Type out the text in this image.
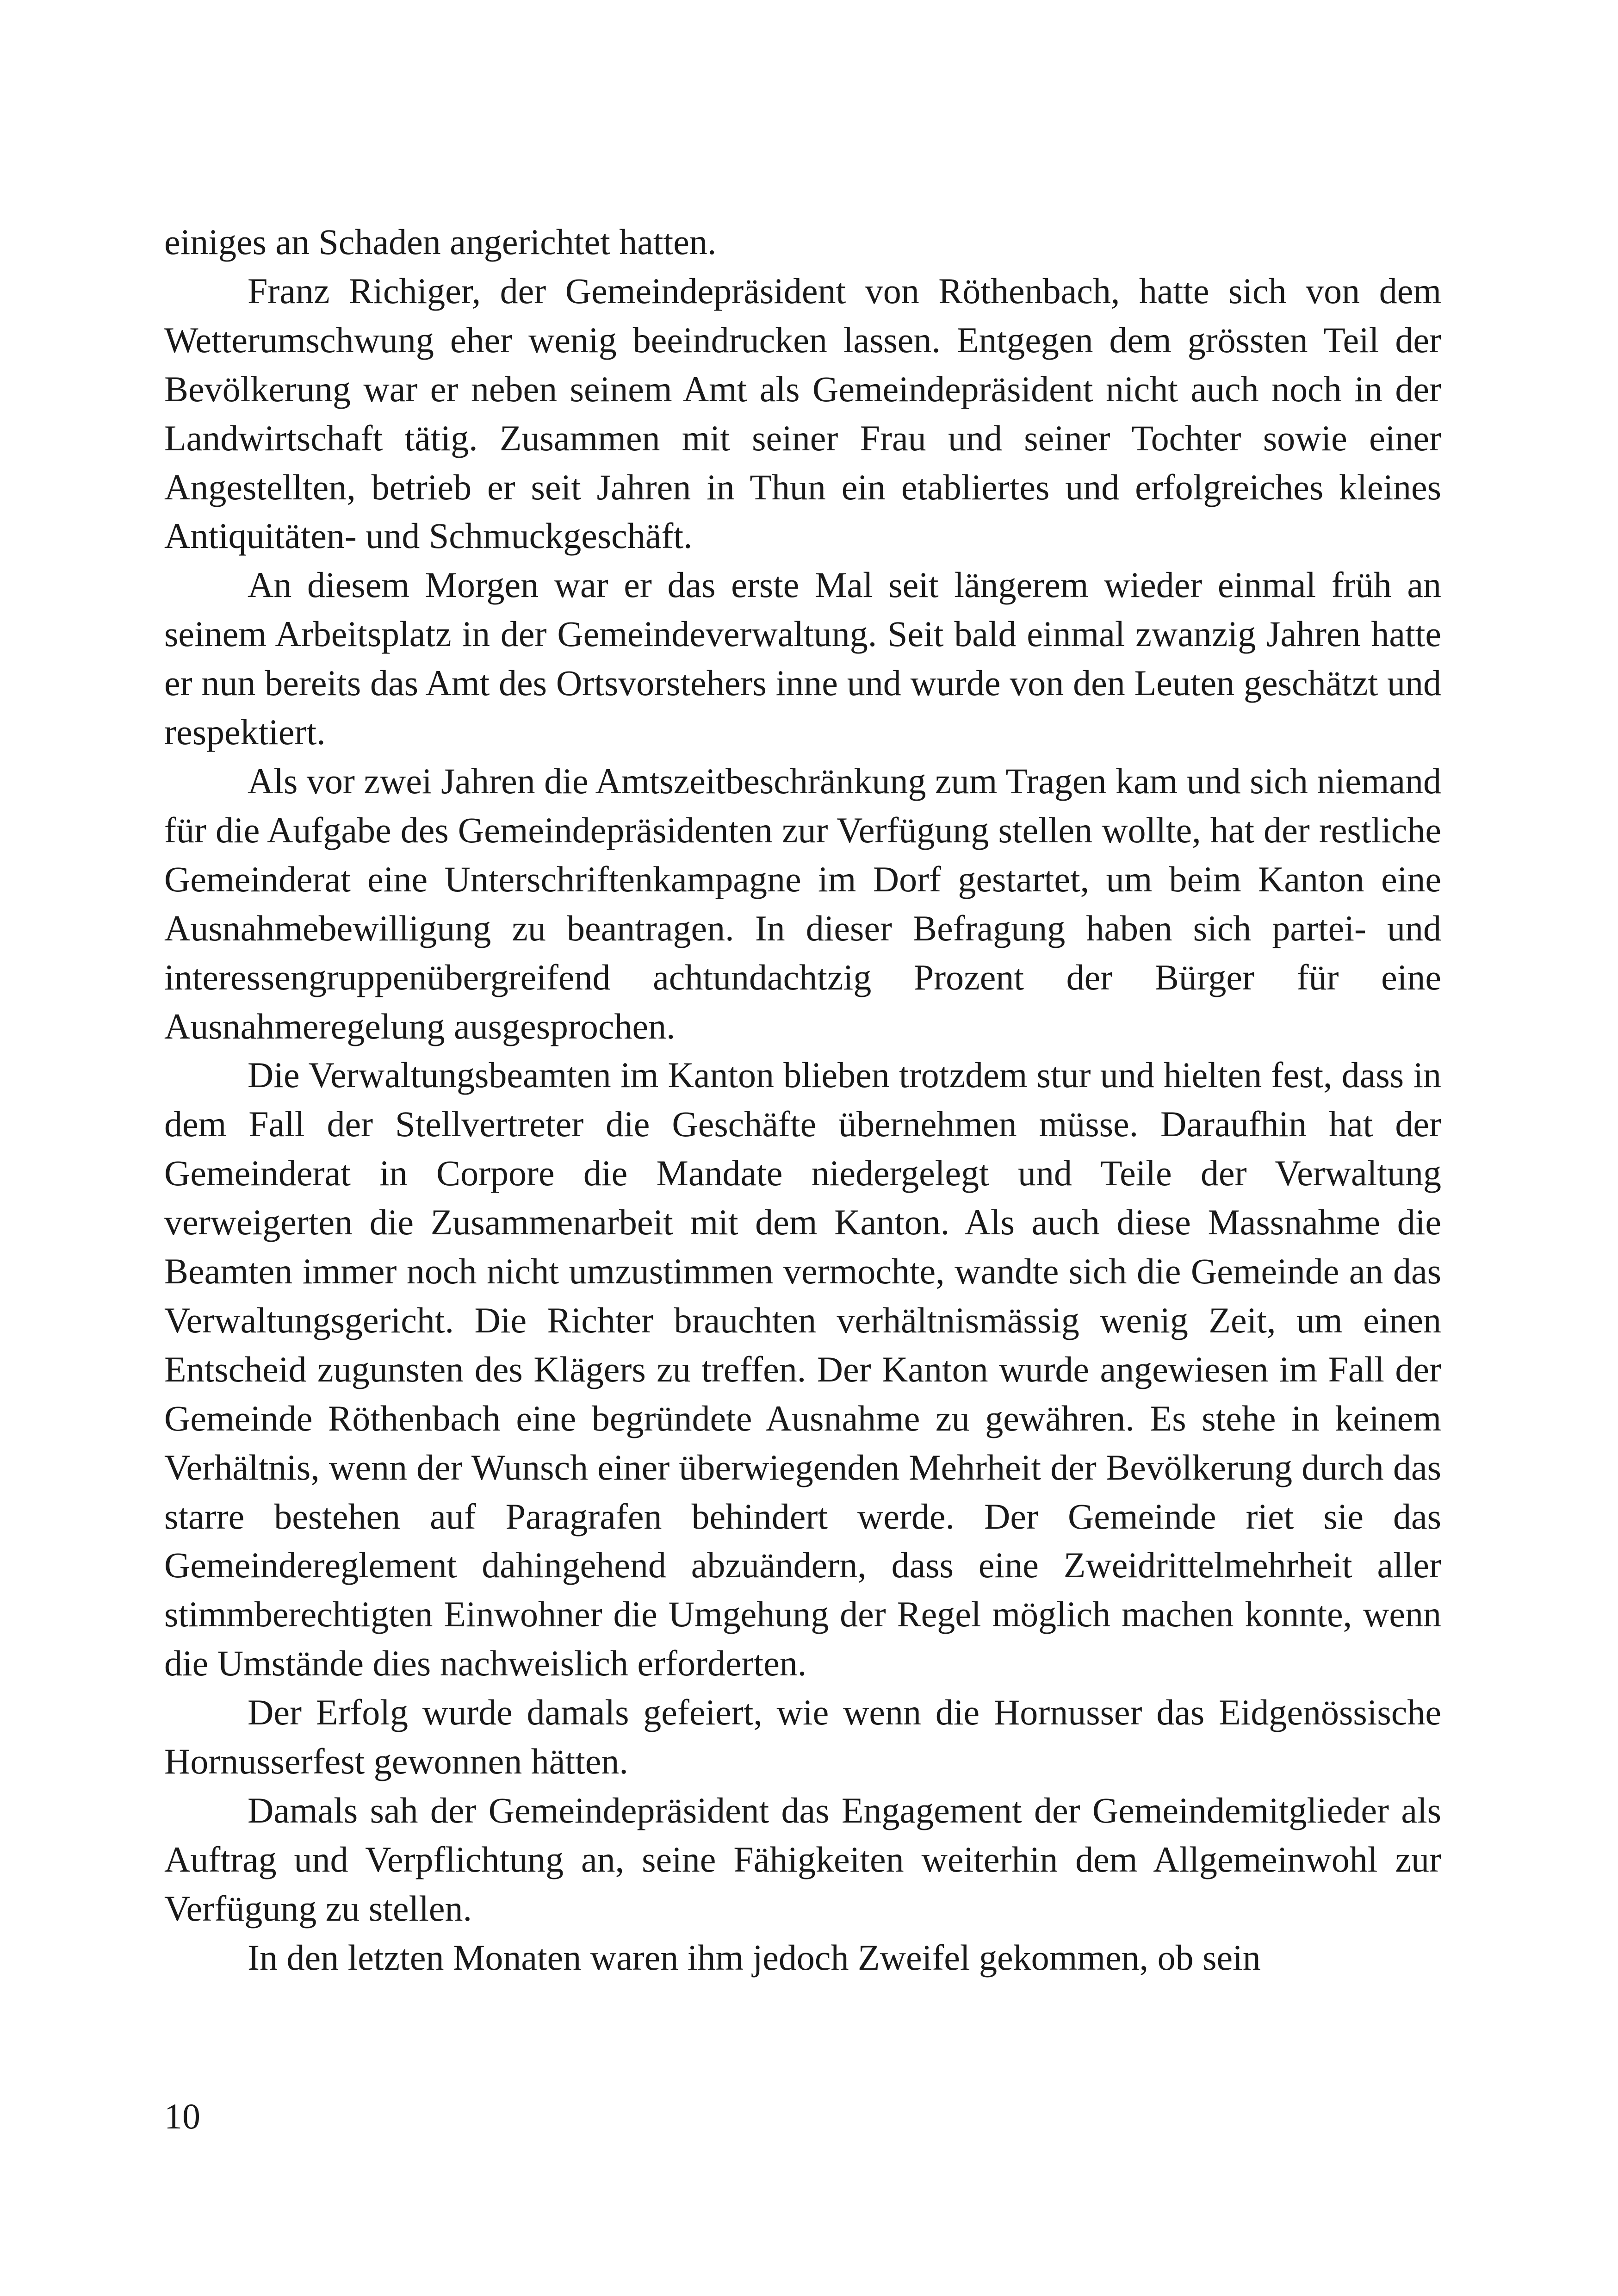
einiges an Schaden angerichtet hatten.

Franz Richiger, der Gemeindepräsident von Röthenbach, hatte sich von dem Wetterumschwung eher wenig beeindrucken lassen. Entgegen dem grössten Teil der Bevölkerung war er neben seinem Amt als Gemeindepräsident nicht auch noch in der Landwirtschaft tätig. Zusammen mit seiner Frau und seiner Tochter sowie einer Angestellten, betrieb er seit Jahren in Thun ein etabliertes und erfolgreiches kleines Antiquitäten- und Schmuckgeschäft.

An diesem Morgen war er das erste Mal seit längerem wieder einmal früh an seinem Arbeitsplatz in der Gemeindeverwaltung. Seit bald einmal zwanzig Jahren hatte er nun bereits das Amt des Ortsvorstehers inne und wurde von den Leuten geschätzt und respektiert.

Als vor zwei Jahren die Amtszeitbeschränkung zum Tragen kam und sich niemand für die Aufgabe des Gemeindepräsidenten zur Verfügung stellen wollte, hat der restliche Gemeinderat eine Unterschriftenkampagne im Dorf gestartet, um beim Kanton eine Ausnahmebewilligung zu beantragen. In dieser Befragung haben sich partei- und interessengruppenübergreifend achtundachtzig Prozent der Bürger für eine Ausnahmeregelung ausgesprochen.

Die Verwaltungsbeamten im Kanton blieben trotzdem stur und hielten fest, dass in dem Fall der Stellvertreter die Geschäfte übernehmen müsse. Daraufhin hat der Gemeinderat in Corpore die Mandate niedergelegt und Teile der Verwaltung verweigerten die Zusammenarbeit mit dem Kanton. Als auch diese Massnahme die Beamten immer noch nicht umzustimmen vermochte, wandte sich die Gemeinde an das Verwaltungsgericht. Die Richter brauchten verhältnismässig wenig Zeit, um einen Entscheid zugunsten des Klägers zu treffen. Der Kanton wurde angewiesen im Fall der Gemeinde Röthenbach eine begründete Ausnahme zu gewähren. Es stehe in keinem Verhältnis, wenn der Wunsch einer überwiegenden Mehrheit der Bevölkerung durch das starre bestehen auf Paragrafen behindert werde. Der Gemeinde riet sie das Gemeindereglement dahingehend abzuändern, dass eine Zweidrittelmehrheit aller stimmberechtigten Einwohner die Umgehung der Regel möglich machen konnte, wenn die Umstände dies nachweislich erforderten.

Der Erfolg wurde damals gefeiert, wie wenn die Hornusser das Eidgenössische Hornusserfest gewonnen hätten.

Damals sah der Gemeindepräsident das Engagement der Gemeindemitglieder als Auftrag und Verpflichtung an, seine Fähigkeiten weiterhin dem Allgemeinwohl zur Verfügung zu stellen.

In den letzten Monaten waren ihm jedoch Zweifel gekommen, ob sein

10
